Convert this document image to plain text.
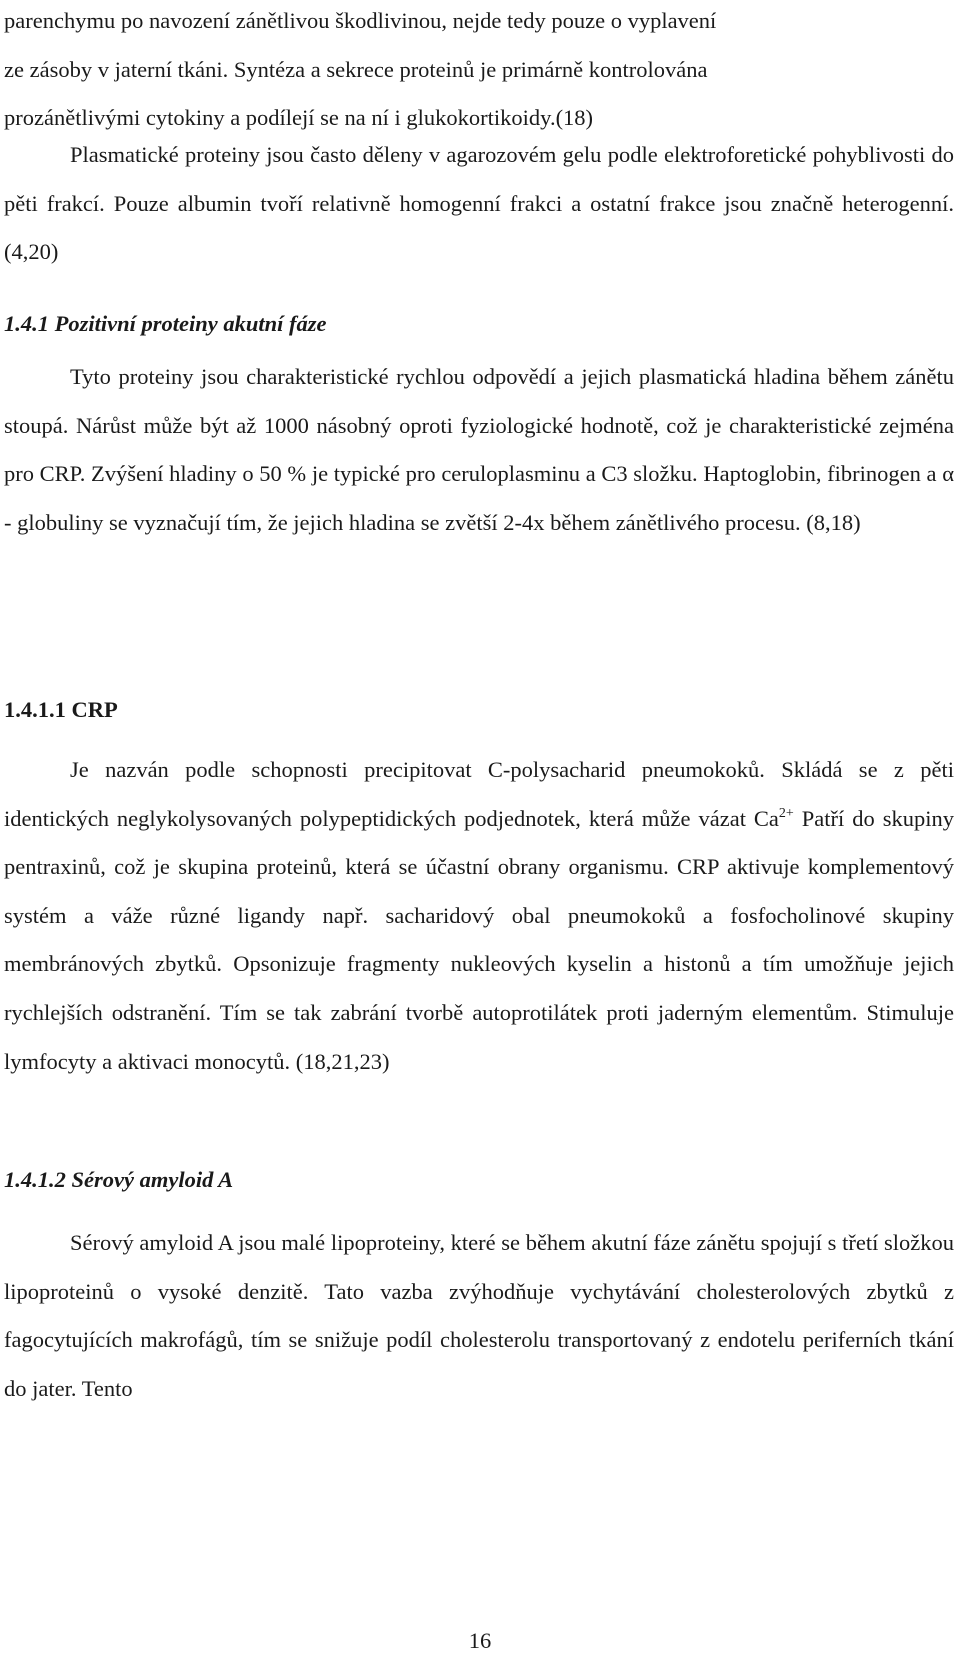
parenchymu po navození zánětlivou škodlivinou, nejde tedy pouze o vyplavení
ze zásoby v jaterní tkáni. Syntéza a sekrece proteinů je primárně kontrolována
prozánětlivými cytokiny a podílejí se na ní i glukokortikoidy.(18)

Plasmatické proteiny jsou často děleny v agarozovém gelu podle elektroforetické pohyblivosti do pěti frakcí. Pouze albumin tvoří relativně homogenní frakci a ostatní frakce jsou značně heterogenní. (4,20)

1.4.1 Pozitivní proteiny akutní fáze

Tyto proteiny jsou charakteristické rychlou odpovědí a jejich plasmatická hladina během zánětu stoupá. Nárůst může být až 1000 násobný oproti fyziologické hodnotě, což je charakteristické zejména pro CRP. Zvýšení hladiny o 50 % je typické pro ceruloplasminu a C3 složku. Haptoglobin, fibrinogen a α - globuliny se vyznačují tím, že jejich hladina se zvětší 2-4x během zánětlivého procesu. (8,18)

1.4.1.1 CRP

Je nazván podle schopnosti precipitovat C-polysacharid pneumokoků. Skládá se z pěti identických neglykolysovaných polypeptidických podjednotek, která může vázat $Ca^{2+}$ Patří do skupiny pentraxinů, což je skupina proteinů, která se účastní obrany organismu. CRP aktivuje komplementový systém a váže různé ligandy např. sacharidový obal pneumokoků a fosfocholinové skupiny membránových zbytků. Opsonizuje fragmenty nukleových kyselin a histonů a tím umožňuje jejich rychlejších odstranění. Tím se tak zabrání tvorbě autoprotilátek proti jaderným elementům. Stimuluje lymfocyty a aktivaci monocytů. (18,21,23)

1.4.1.2 Sérový amyloid A

Sérový amyloid A jsou malé lipoproteiny, které se během akutní fáze zánětu spojují s třetí složkou lipoproteinů o vysoké denzitě. Tato vazba zvýhodňuje vychytávání cholesterolových zbytků z fagocytujících makrofágů, tím se snižuje podíl cholesterolu transportovaný z endotelu periferních tkání do jater. Tento

16
